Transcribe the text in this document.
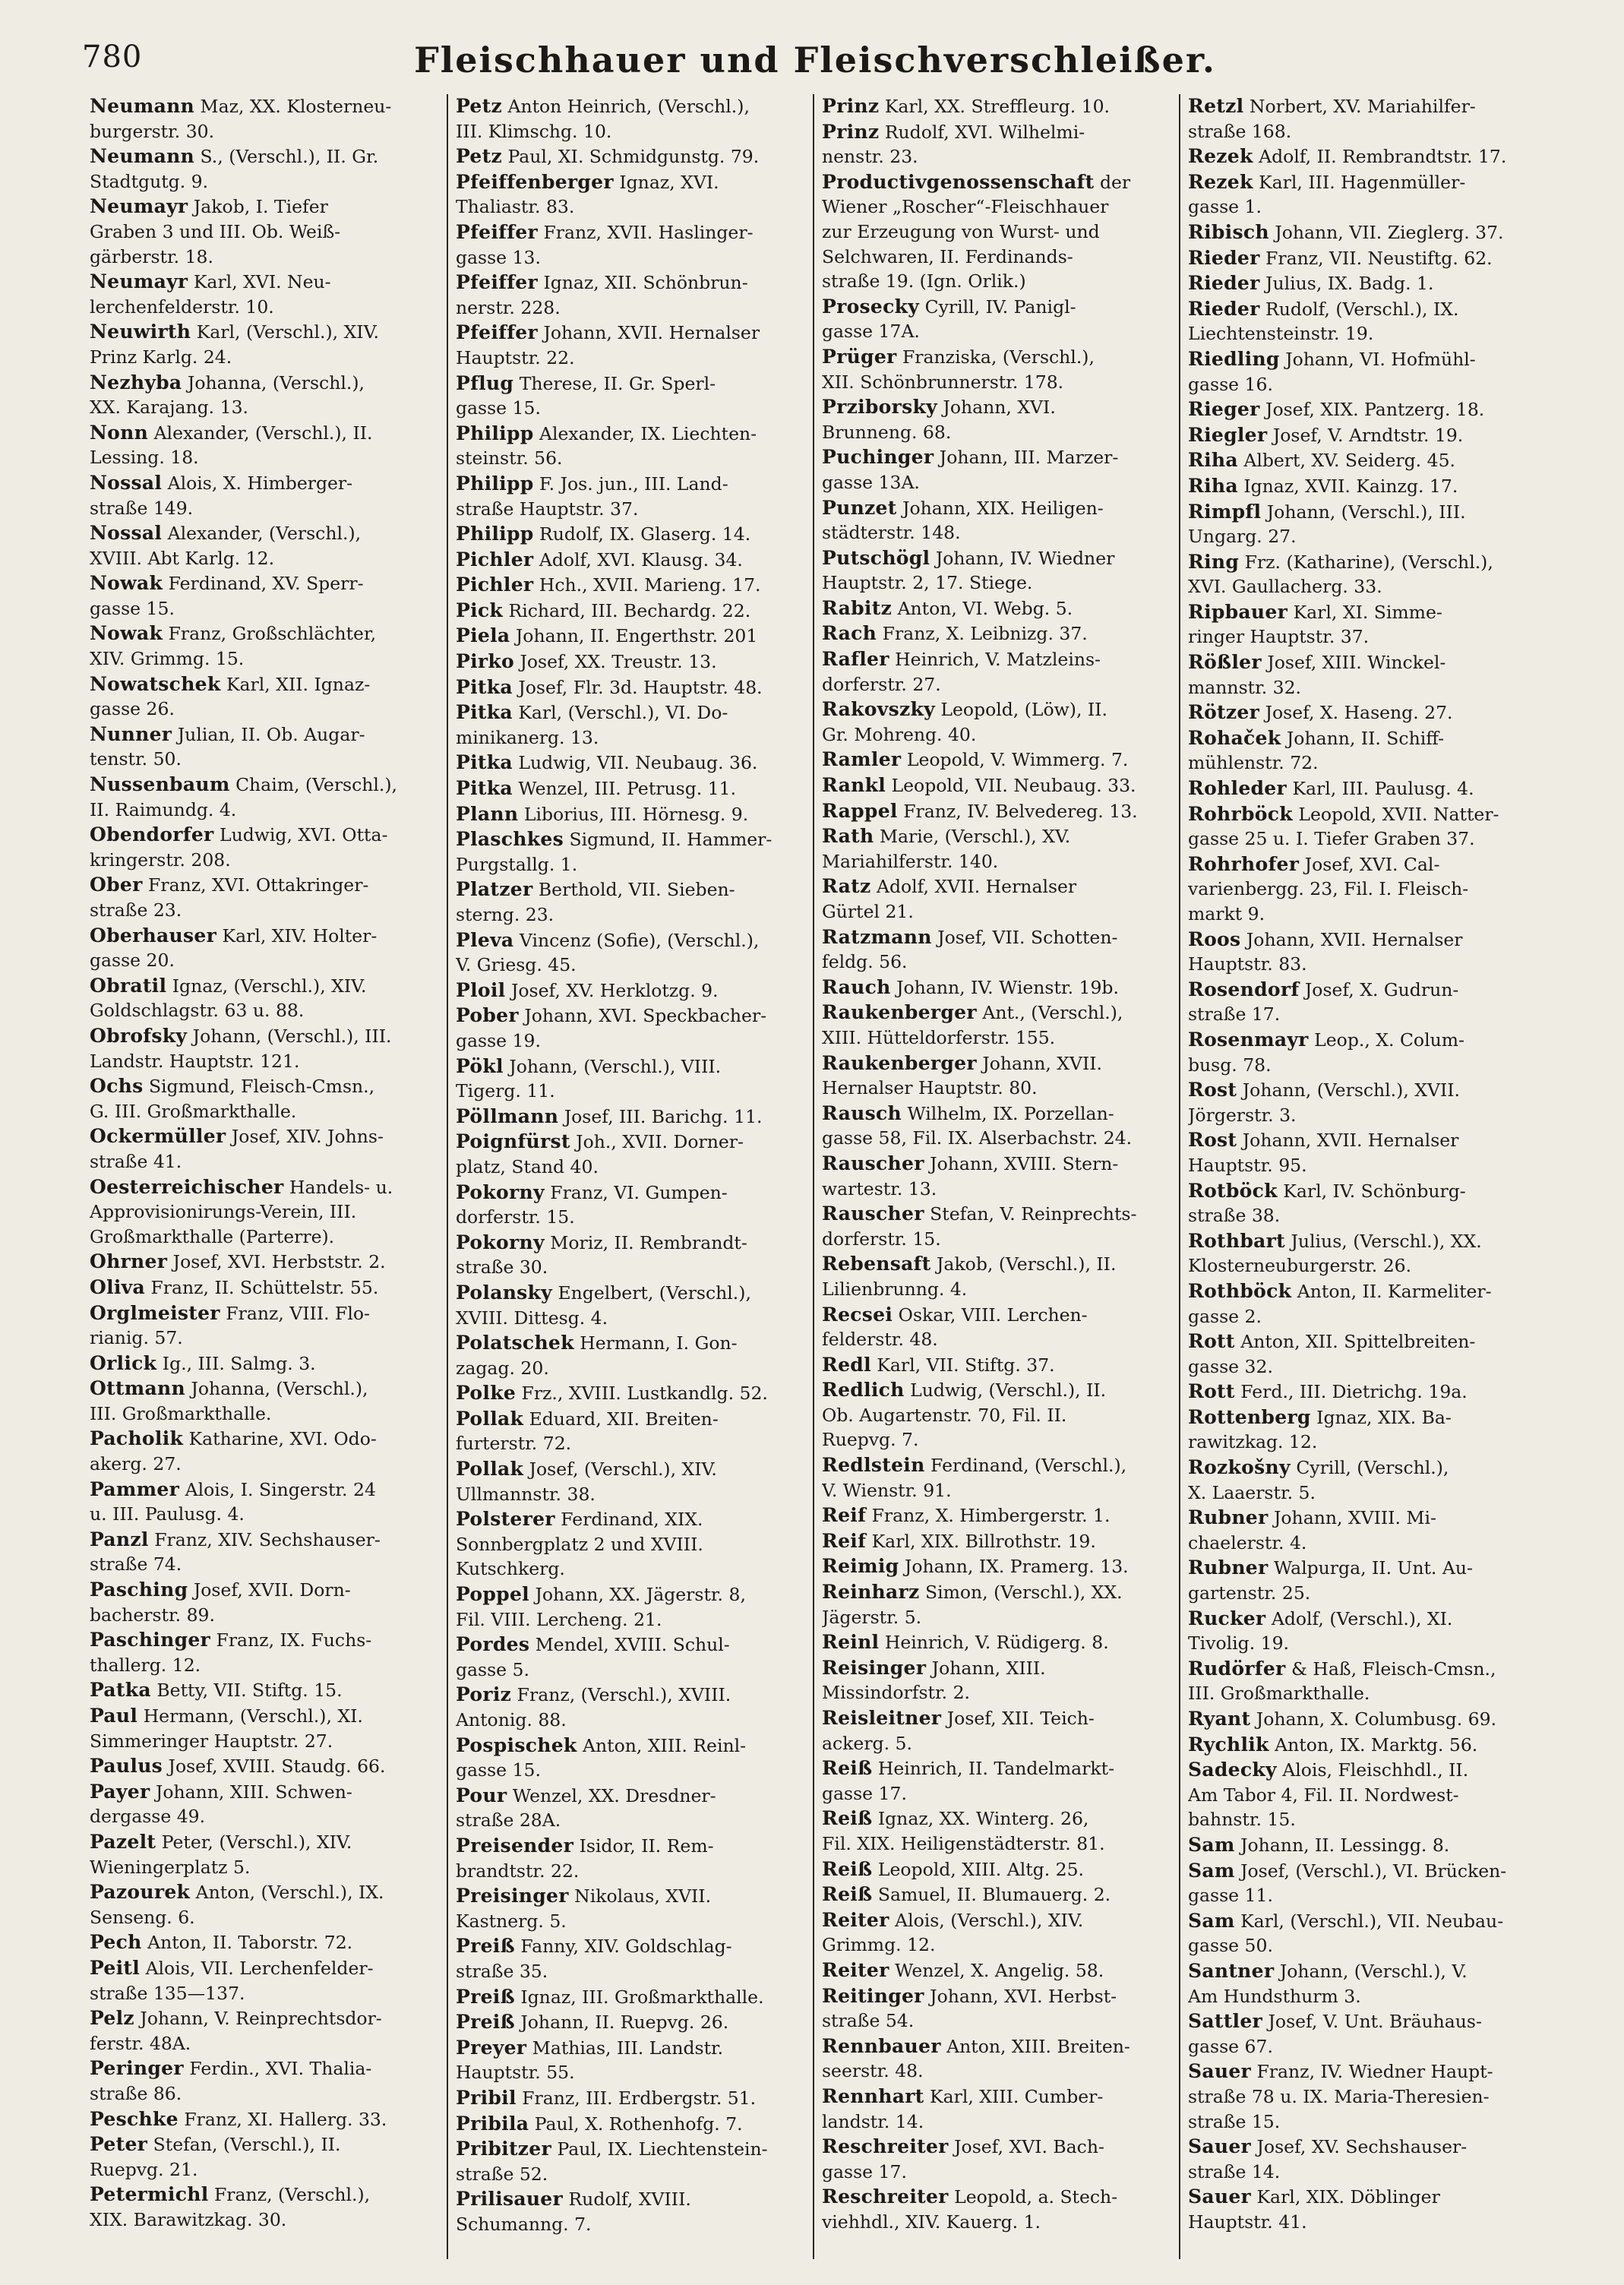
780	Fleischhauer und Fleischverschleißer.
Neumann Maz, XX. Klosterneu-
burgerstr. 30.
Neumann S., (Verschl.), II. Gr.
Stadtgutg. 9.
Neumayr Jakob, I. Tiefer
Graben 3 und III. Ob. Weiß-
gärberstr. 18.
Neumayr Karl, XVI. Neu-
lerchenfelderstr. 10.
Neuwirth Karl, (Verschl.), XIV.
Prinz Karlg. 24.
Nezhyba Johanna, (Verschl.),
XX. Karajang. 13.
Nonn Alexander, (Verschl.), II.
Lessing. 18.
Nossal Alois, X. Himberger-
straße 149.
Nossal Alexander, (Verschl.),
XVIII. Abt Karlg. 12.
Nowak Ferdinand, XV. Sperr-
gasse 15.
Nowak Franz, Großschlächter,
XIV. Grimmg. 15.
Nowatschek Karl, XII. Ignaz-
gasse 26.
Nunner Julian, II. Ob. Augar-
tenstr. 50.
Nussenbaum Chaim, (Verschl.),
II. Raimundg. 4.
Obendorfer Ludwig, XVI. Otta-
kringerstr. 208.
Ober Franz, XVI. Ottakringer-
straße 23.
Oberhauser Karl, XIV. Holter-
gasse 20.
Obratil Ignaz, (Verschl.), XIV.
Goldschlagstr. 63 u. 88.
Obrofsky Johann, (Verschl.), III.
Landstr. Hauptstr. 121.
Ochs Sigmund, Fleisch-Cmsn.,
G. III. Großmarkthalle.
Ockermüller Josef, XIV. Johns-
straße 41.
Oesterreichischer Handels- u.
Approvisionirungs-Verein, III.
Großmarkthalle (Parterre).
Ohrner Josef, XVI. Herbststr. 2.
Oliva Franz, II. Schüttelstr. 55.
Orglmeister Franz, VIII. Flo-
rianig. 57.
Orlick Ig., III. Salmg. 3.
Ottmann Johanna, (Verschl.),
III. Großmarkthalle.
Pacholik Katharine, XVI. Odo-
akerg. 27.
Pammer Alois, I. Singerstr. 24
u. III. Paulusg. 4.
Panzl Franz, XIV. Sechshauser-
straße 74.
Pasching Josef, XVII. Dorn-
bacherstr. 89.
Paschinger Franz, IX. Fuchs-
thallerg. 12.
Patka Betty, VII. Stiftg. 15.
Paul Hermann, (Verschl.), XI.
Simmeringer Hauptstr. 27.
Paulus Josef, XVIII. Staudg. 66.
Payer Johann, XIII. Schwen-
dergasse 49.
Pazelt Peter, (Verschl.), XIV.
Wieningerplatz 5.
Pazourek Anton, (Verschl.), IX.
Senseng. 6.
Pech Anton, II. Taborstr. 72.
Peitl Alois, VII. Lerchenfelder-
straße 135—137.
Pelz Johann, V. Reinprechtsdor-
ferstr. 48A.
Peringer Ferdin., XVI. Thalia-
straße 86.
Peschke Franz, XI. Hallerg. 33.
Peter Stefan, (Verschl.), II.
Ruepvg. 21.
Petermichl Franz, (Verschl.),
XIX. Barawitzkag. 30.
Petz Anton Heinrich, (Verschl.),
III. Klimschg. 10.
Petz Paul, XI. Schmidgunstg. 79.
Pfeiffenberger Ignaz, XVI.
Thaliastr. 83.
Pfeiffer Franz, XVII. Haslinger-
gasse 13.
Pfeiffer Ignaz, XII. Schönbrun-
nerstr. 228.
Pfeiffer Johann, XVII. Hernalser
Hauptstr. 22.
Pflug Therese, II. Gr. Sperl-
gasse 15.
Philipp Alexander, IX. Liechten-
steinstr. 56.
Philipp F. Jos. jun., III. Land-
straße Hauptstr. 37.
Philipp Rudolf, IX. Glaserg. 14.
Pichler Adolf, XVI. Klausg. 34.
Pichler Hch., XVII. Marieng. 17.
Pick Richard, III. Bechardg. 22.
Piela Johann, II. Engerthstr. 201
Pirko Josef, XX. Treustr. 13.
Pitka Josef, Flr. 3d. Hauptstr. 48.
Pitka Karl, (Verschl.), VI. Do-
minikanerg. 13.
Pitka Ludwig, VII. Neubaug. 36.
Pitka Wenzel, III. Petrusg. 11.
Plann Liborius, III. Hörnesg. 9.
Plaschkes Sigmund, II. Hammer-
Purgstallg. 1.
Platzer Berthold, VII. Sieben-
sterng. 23.
Pleva Vincenz (Sofie), (Verschl.),
V. Griesg. 45.
Ploil Josef, XV. Herklotzg. 9.
Pober Johann, XVI. Speckbacher-
gasse 19.
Pökl Johann, (Verschl.), VIII.
Tigerg. 11.
Pöllmann Josef, III. Barichg. 11.
Poignfürst Joh., XVII. Dorner-
platz, Stand 40.
Pokorny Franz, VI. Gumpen-
dorferstr. 15.
Pokorny Moriz, II. Rembrandt-
straße 30.
Polansky Engelbert, (Verschl.),
XVIII. Dittesg. 4.
Polatschek Hermann, I. Gon-
zagag. 20.
Polke Frz., XVIII. Lustkandlg. 52.
Pollak Eduard, XII. Breiten-
furterstr. 72.
Pollak Josef, (Verschl.), XIV.
Ullmannstr. 38.
Polsterer Ferdinand, XIX.
Sonnbergplatz 2 und XVIII.
Kutschkerg.
Poppel Johann, XX. Jägerstr. 8,
Fil. VIII. Lercheng. 21.
Pordes Mendel, XVIII. Schul-
gasse 5.
Poriz Franz, (Verschl.), XVIII.
Antonig. 88.
Pospischek Anton, XIII. Reinl-
gasse 15.
Pour Wenzel, XX. Dresdner-
straße 28A.
Preisender Isidor, II. Rem-
brandtstr. 22.
Preisinger Nikolaus, XVII.
Kastnerg. 5.
Preiß Fanny, XIV. Goldschlag-
straße 35.
Preiß Ignaz, III. Großmarkthalle.
Preiß Johann, II. Ruepvg. 26.
Preyer Mathias, III. Landstr.
Hauptstr. 55.
Pribil Franz, III. Erdbergstr. 51.
Pribila Paul, X. Rothenhofg. 7.
Pribitzer Paul, IX. Liechtenstein-
straße 52.
Prilisauer Rudolf, XVIII.
Schumanng. 7.
Prinz Karl, XX. Streffleurg. 10.
Prinz Rudolf, XVI. Wilhelmi-
nenstr. 23.
Productivgenossenschaft der
Wiener „Roscher“-Fleischhauer
zur Erzeugung von Wurst- und
Selchwaren, II. Ferdinands-
straße 19. (Ign. Orlik.)
Prosecky Cyrill, IV. Panigl-
gasse 17A.
Prüger Franziska, (Verschl.),
XII. Schönbrunnerstr. 178.
Prziborsky Johann, XVI.
Brunneng. 68.
Puchinger Johann, III. Marzer-
gasse 13A.
Punzet Johann, XIX. Heiligen-
städterstr. 148.
Putschögl Johann, IV. Wiedner
Hauptstr. 2, 17. Stiege.
Rabitz Anton, VI. Webg. 5.
Rach Franz, X. Leibnizg. 37.
Rafler Heinrich, V. Matzleins-
dorferstr. 27.
Rakovszky Leopold, (Löw), II.
Gr. Mohreng. 40.
Ramler Leopold, V. Wimmerg. 7.
Rankl Leopold, VII. Neubaug. 33.
Rappel Franz, IV. Belvedereg. 13.
Rath Marie, (Verschl.), XV.
Mariahilferstr. 140.
Ratz Adolf, XVII. Hernalser
Gürtel 21.
Ratzmann Josef, VII. Schotten-
feldg. 56.
Rauch Johann, IV. Wienstr. 19b.
Raukenberger Ant., (Verschl.),
XIII. Hütteldorferstr. 155.
Raukenberger Johann, XVII.
Hernalser Hauptstr. 80.
Rausch Wilhelm, IX. Porzellan-
gasse 58, Fil. IX. Alserbachstr. 24.
Rauscher Johann, XVIII. Stern-
wartestr. 13.
Rauscher Stefan, V. Reinprechts-
dorferstr. 15.
Rebensaft Jakob, (Verschl.), II.
Lilienbrunng. 4.
Recsei Oskar, VIII. Lerchen-
felderstr. 48.
Redl Karl, VII. Stiftg. 37.
Redlich Ludwig, (Verschl.), II.
Ob. Augartenstr. 70, Fil. II.
Ruepvg. 7.
Redlstein Ferdinand, (Verschl.),
V. Wienstr. 91.
Reif Franz, X. Himbergerstr. 1.
Reif Karl, XIX. Billrothstr. 19.
Reimig Johann, IX. Pramerg. 13.
Reinharz Simon, (Verschl.), XX.
Jägerstr. 5.
Reinl Heinrich, V. Rüdigerg. 8.
Reisinger Johann, XIII.
Missindorfstr. 2.
Reisleitner Josef, XII. Teich-
ackerg. 5.
Reiß Heinrich, II. Tandelmarkt-
gasse 17.
Reiß Ignaz, XX. Winterg. 26,
Fil. XIX. Heiligenstädterstr. 81.
Reiß Leopold, XIII. Altg. 25.
Reiß Samuel, II. Blumauerg. 2.
Reiter Alois, (Verschl.), XIV.
Grimmg. 12.
Reiter Wenzel, X. Angelig. 58.
Reitinger Johann, XVI. Herbst-
straße 54.
Rennbauer Anton, XIII. Breiten-
seerstr. 48.
Rennhart Karl, XIII. Cumber-
landstr. 14.
Reschreiter Josef, XVI. Bach-
gasse 17.
Reschreiter Leopold, a. Stech-
viehhdl., XIV. Kauerg. 1.
Retzl Norbert, XV. Mariahilfer-
straße 168.
Rezek Adolf, II. Rembrandtstr. 17.
Rezek Karl, III. Hagenmüller-
gasse 1.
Ribisch Johann, VII. Zieglerg. 37.
Rieder Franz, VII. Neustiftg. 62.
Rieder Julius, IX. Badg. 1.
Rieder Rudolf, (Verschl.), IX.
Liechtensteinstr. 19.
Riedling Johann, VI. Hofmühl-
gasse 16.
Rieger Josef, XIX. Pantzerg. 18.
Riegler Josef, V. Arndtstr. 19.
Riha Albert, XV. Seiderg. 45.
Riha Ignaz, XVII. Kainzg. 17.
Rimpfl Johann, (Verschl.), III.
Ungarg. 27.
Ring Frz. (Katharine), (Verschl.),
XVI. Gaullacherg. 33.
Ripbauer Karl, XI. Simme-
ringer Hauptstr. 37.
Rößler Josef, XIII. Winckel-
mannstr. 32.
Rötzer Josef, X. Haseng. 27.
Rohaček Johann, II. Schiff-
mühlenstr. 72.
Rohleder Karl, III. Paulusg. 4.
Rohrböck Leopold, XVII. Natter-
gasse 25 u. I. Tiefer Graben 37.
Rohrhofer Josef, XVI. Cal-
varienbergg. 23, Fil. I. Fleisch-
markt 9.
Roos Johann, XVII. Hernalser
Hauptstr. 83.
Rosendorf Josef, X. Gudrun-
straße 17.
Rosenmayr Leop., X. Colum-
busg. 78.
Rost Johann, (Verschl.), XVII.
Jörgerstr. 3.
Rost Johann, XVII. Hernalser
Hauptstr. 95.
Rotböck Karl, IV. Schönburg-
straße 38.
Rothbart Julius, (Verschl.), XX.
Klosterneuburgerstr. 26.
Rothböck Anton, II. Karmeliter-
gasse 2.
Rott Anton, XII. Spittelbreiten-
gasse 32.
Rott Ferd., III. Dietrichg. 19a.
Rottenberg Ignaz, XIX. Ba-
rawitzkag. 12.
Rozkošny Cyrill, (Verschl.),
X. Laaerstr. 5.
Rubner Johann, XVIII. Mi-
chaelerstr. 4.
Rubner Walpurga, II. Unt. Au-
gartenstr. 25.
Rucker Adolf, (Verschl.), XI.
Tivolig. 19.
Rudörfer & Haß, Fleisch-Cmsn.,
III. Großmarkthalle.
Ryant Johann, X. Columbusg. 69.
Rychlik Anton, IX. Marktg. 56.
Sadecky Alois, Fleischhdl., II.
Am Tabor 4, Fil. II. Nordwest-
bahnstr. 15.
Sam Johann, II. Lessingg. 8.
Sam Josef, (Verschl.), VI. Brücken-
gasse 11.
Sam Karl, (Verschl.), VII. Neubau-
gasse 50.
Santner Johann, (Verschl.), V.
Am Hundsthurm 3.
Sattler Josef, V. Unt. Bräuhaus-
gasse 67.
Sauer Franz, IV. Wiedner Haupt-
straße 78 u. IX. Maria-Theresien-
straße 15.
Sauer Josef, XV. Sechshauser-
straße 14.
Sauer Karl, XIX. Döblinger
Hauptstr. 41.
